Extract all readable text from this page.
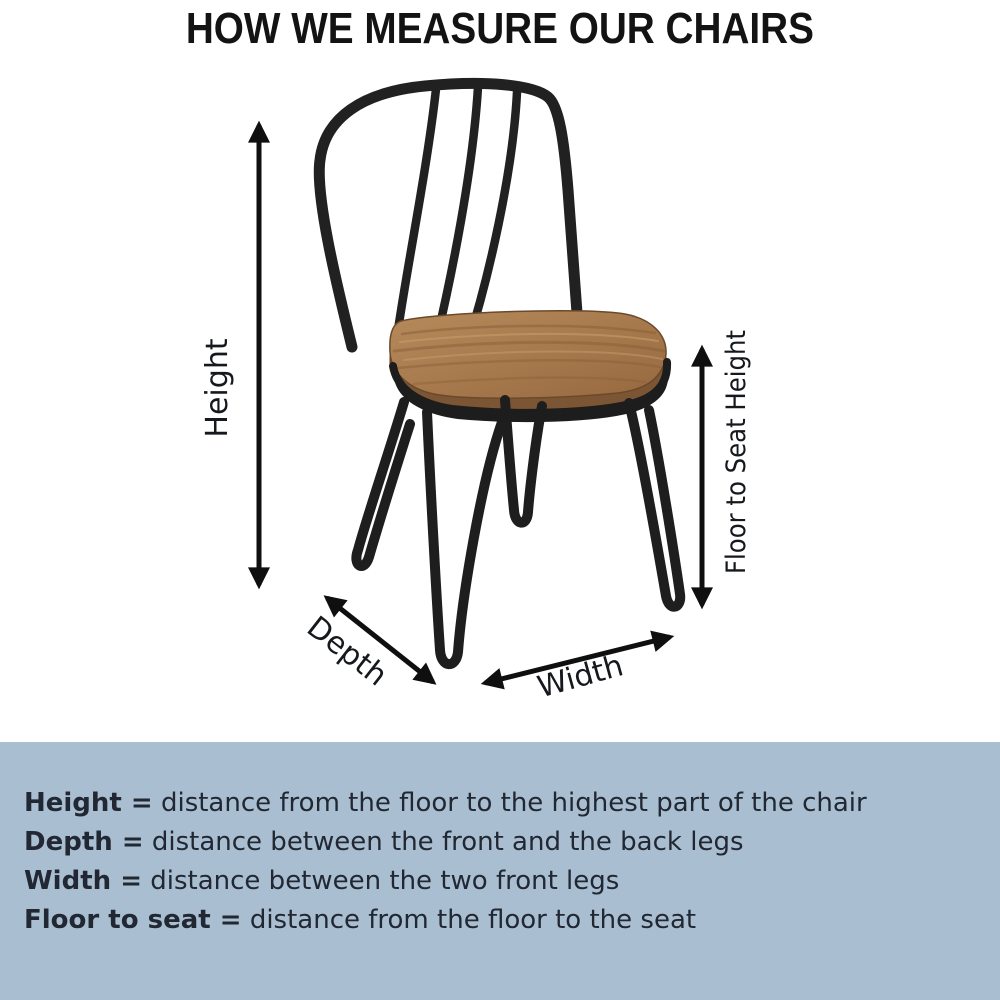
HOW WE MEASURE OUR CHAIRS
Height	Floor to Seat Height
Depth	Width
Height = distance from the floor to the highest part of the chair
Depth = distance between the front and the back legs
Width = distance between the two front legs
Floor to seat = distance from the floor to the seat
